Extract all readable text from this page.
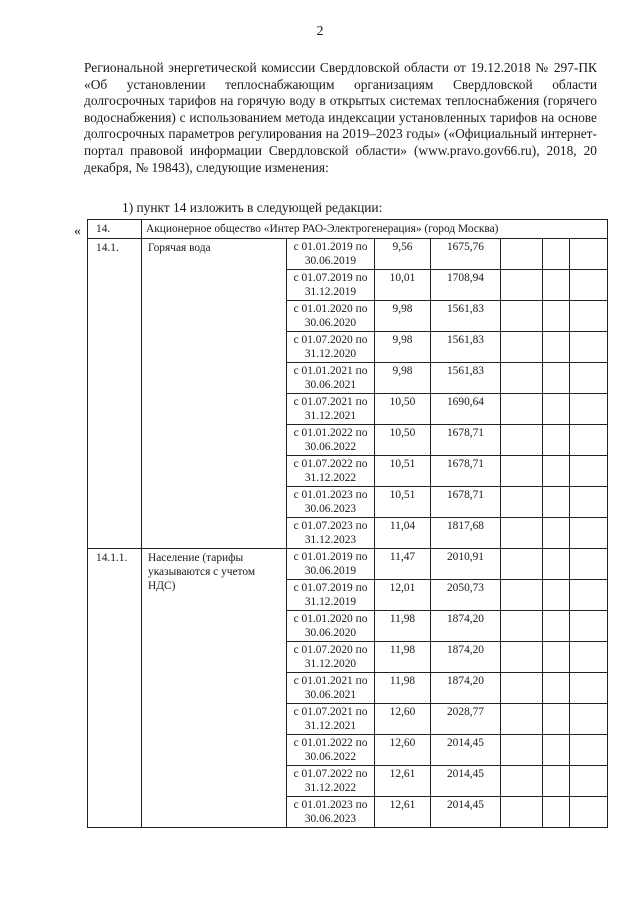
2
Региональной энергетической комиссии Свердловской области от 19.12.2018 № 297-ПК «Об установлении теплоснабжающим организациям Свердловской области долгосрочных тарифов на горячую воду в открытых системах теплоснабжения (горячего водоснабжения) с использованием метода индексации установленных тарифов на основе долгосрочных параметров регулирования на 2019–2023 годы» («Официальный интернет-портал правовой информации Свердловской области» (www.pravo.gov66.ru), 2018, 20 декабря, № 19843), следующие изменения:
1) пункт 14 изложить в следующей редакции:
« 14.	Акционерное общество «Интер РАО-Электрогенерация» (город Москва)						
14.1.	Горячая вода	с 01.01.2019 по 30.06.2019	9,56	1675,76			
		с 01.07.2019 по 31.12.2019	10,01	1708,94			
		с 01.01.2020 по 30.06.2020	9,98	1561,83			
		с 01.07.2020 по 31.12.2020	9,98	1561,83			
		с 01.01.2021 по 30.06.2021	9,98	1561,83			
		с 01.07.2021 по 31.12.2021	10,50	1690,64			
		с 01.01.2022 по 30.06.2022	10,50	1678,71			
		с 01.07.2022 по 31.12.2022	10,51	1678,71			
		с 01.01.2023 по 30.06.2023	10,51	1678,71			
		с 01.07.2023 по 31.12.2023	11,04	1817,68			
14.1.1.	Население (тарифы указываются с учетом НДС)	с 01.01.2019 по 30.06.2019	11,47	2010,91			
		с 01.07.2019 по 31.12.2019	12,01	2050,73			
		с 01.01.2020 по 30.06.2020	11,98	1874,20			
		с 01.07.2020 по 31.12.2020	11,98	1874,20			
		с 01.01.2021 по 30.06.2021	11,98	1874,20			
		с 01.07.2021 по 31.12.2021	12,60	2028,77			
		с 01.01.2022 по 30.06.2022	12,60	2014,45			
		с 01.07.2022 по 31.12.2022	12,61	2014,45			
		с 01.01.2023 по 30.06.2023	12,61	2014,45			
